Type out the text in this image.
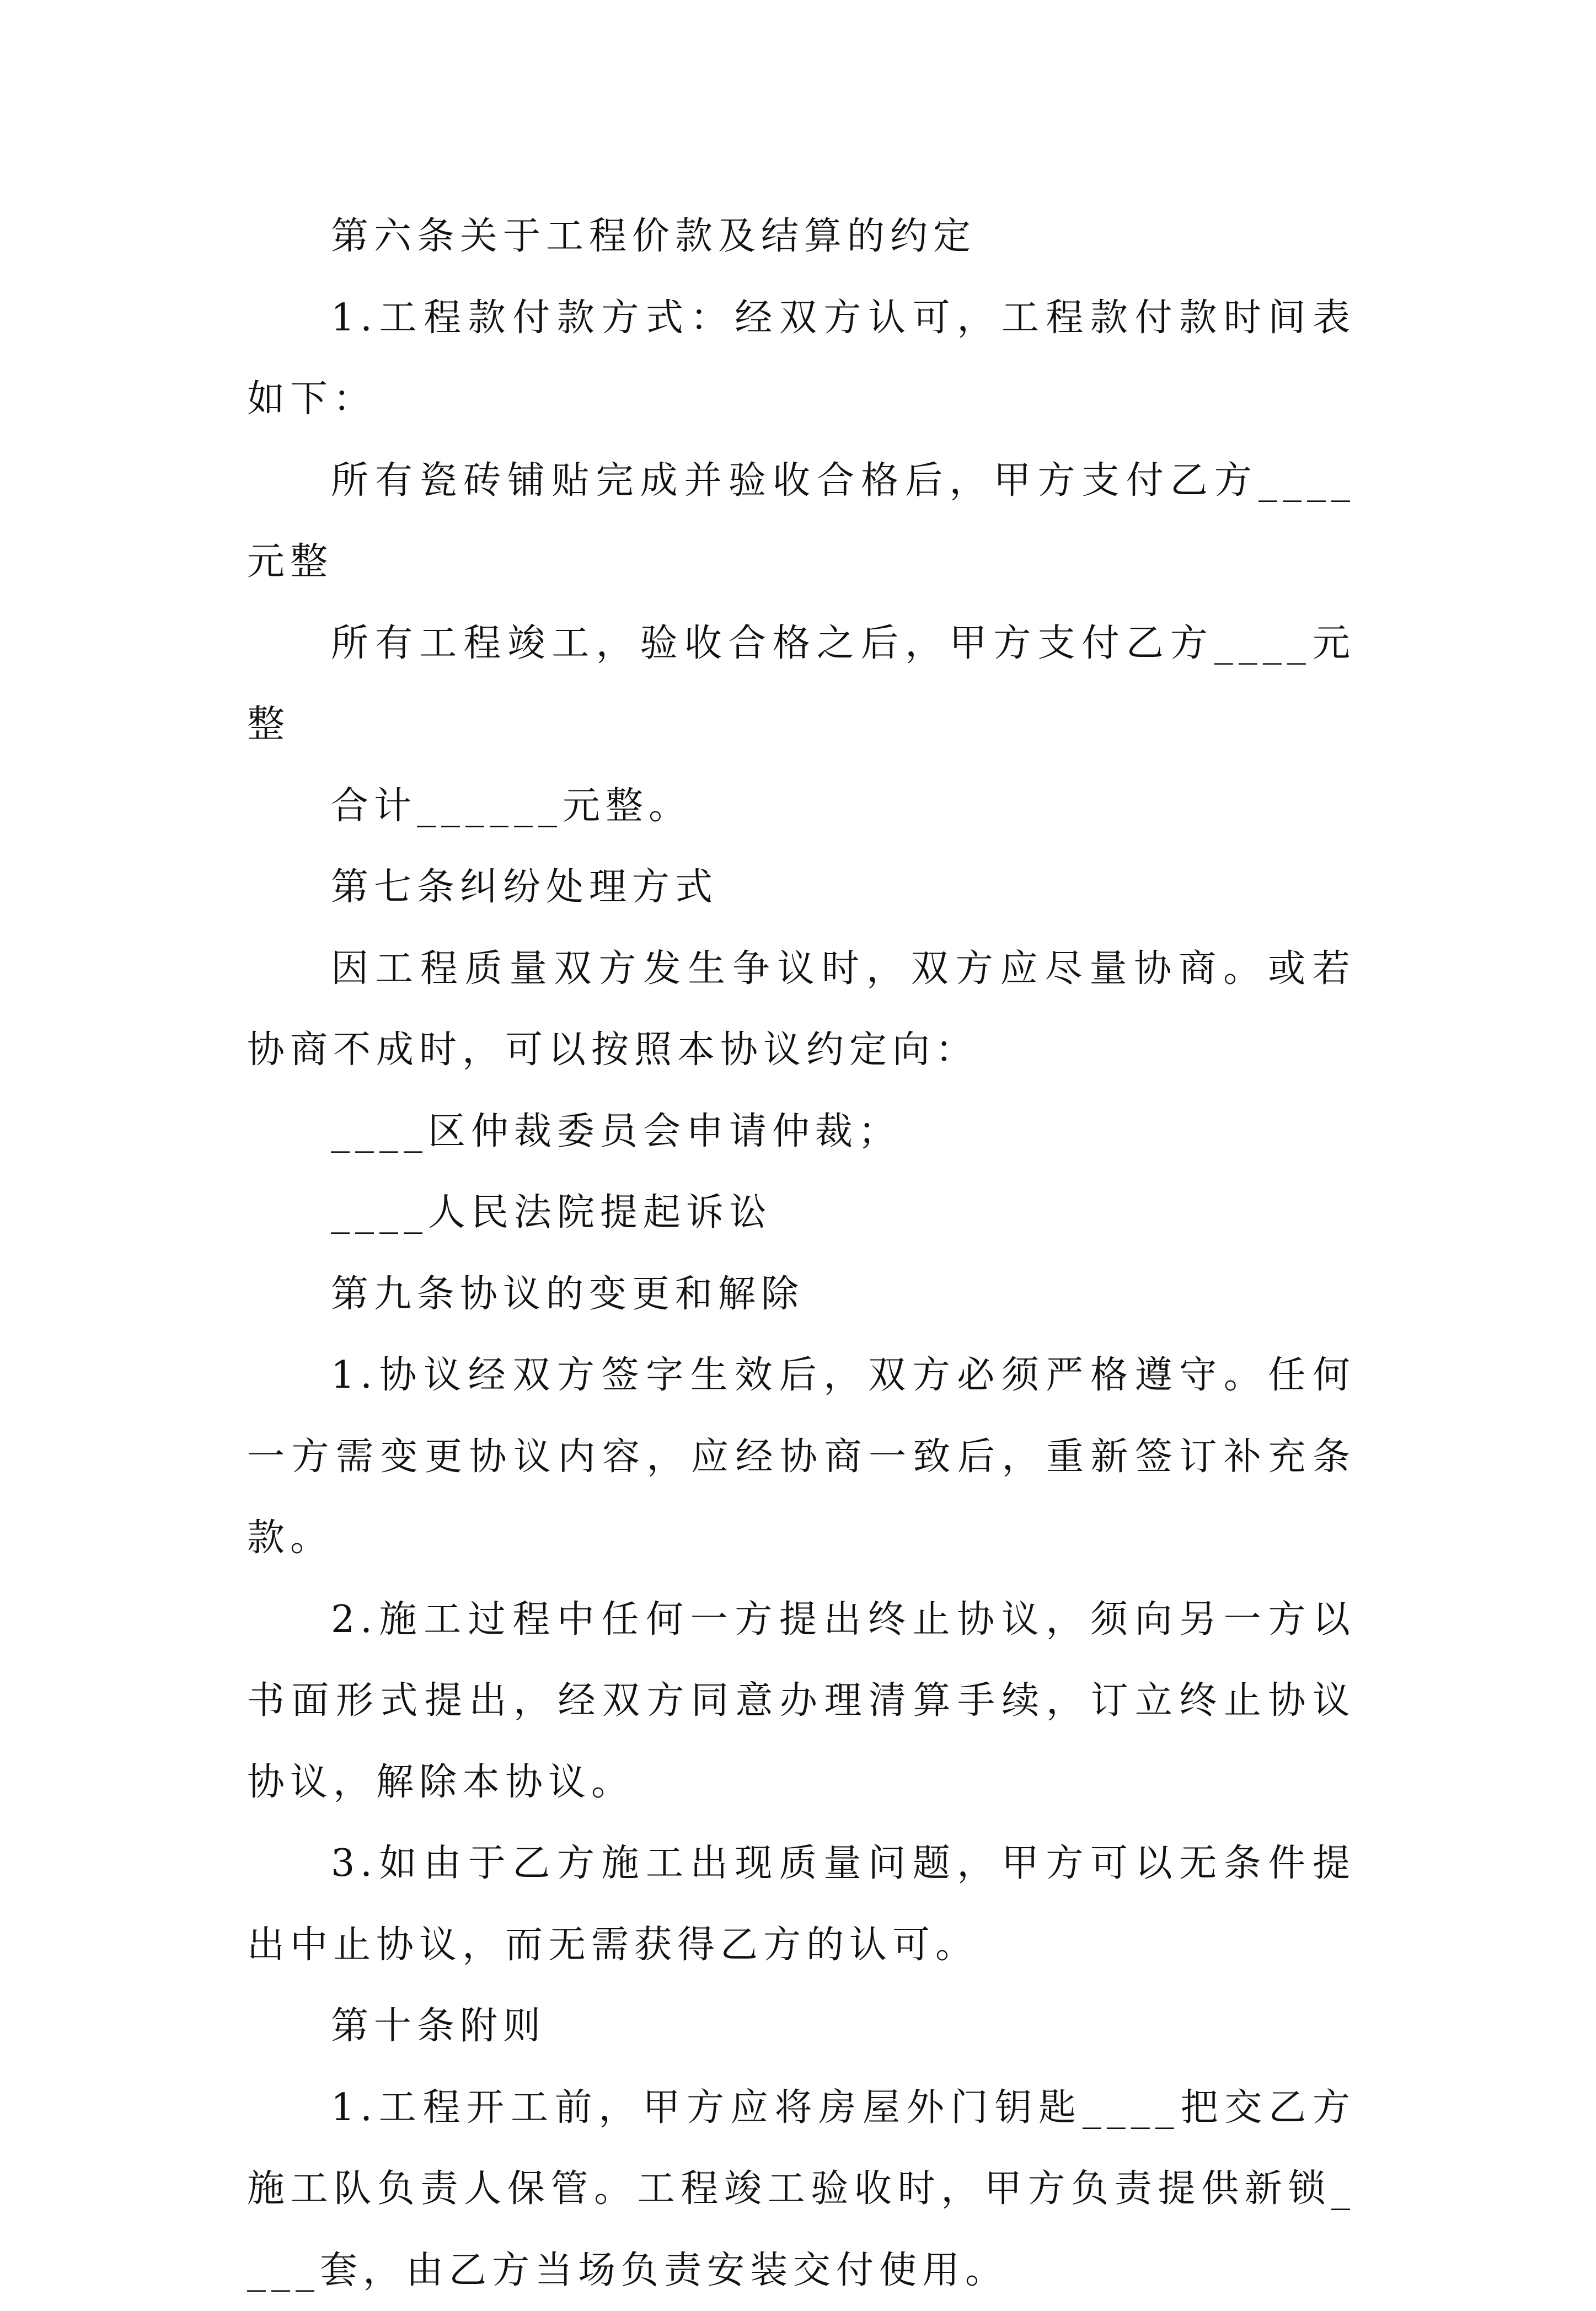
第六条关于工程价款及结算的约定

1.工程款付款方式：经双方认可，工程款付款时间表如下：

所有瓷砖铺贴完成并验收合格后，甲方支付乙方____元整

所有工程竣工，验收合格之后，甲方支付乙方____元整

合计______元整。

第七条纠纷处理方式

因工程质量双方发生争议时，双方应尽量协商。或若协商不成时，可以按照本协议约定向：

____区仲裁委员会申请仲裁；

____人民法院提起诉讼

第九条协议的变更和解除

1.协议经双方签字生效后，双方必须严格遵守。任何一方需变更协议内容，应经协商一致后，重新签订补充条款。

2.施工过程中任何一方提出终止协议，须向另一方以书面形式提出，经双方同意办理清算手续，订立终止协议协议，解除本协议。

3.如由于乙方施工出现质量问题，甲方可以无条件提出中止协议，而无需获得乙方的认可。

第十条附则

1.工程开工前，甲方应将房屋外门钥匙____把交乙方施工队负责人保管。工程竣工验收时，甲方负责提供新锁____套，由乙方当场负责安装交付使用。
